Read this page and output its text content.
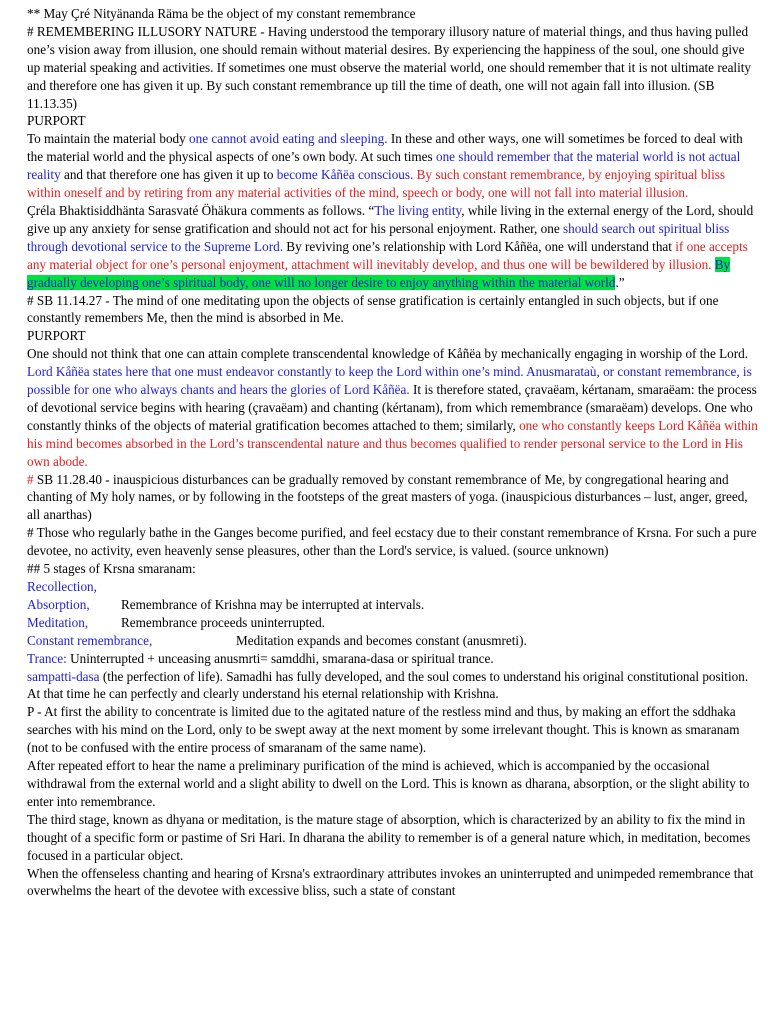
** May Çré Nityänanda Räma be the object of my constant remembrance

# REMEMBERING ILLUSORY NATURE - Having understood the temporary illusory nature of material things, and thus having pulled one’s vision away from illusion, one should remain without material desires. By experiencing the happiness of the soul, one should give up material speaking and activities. If sometimes one must observe the material world, one should remember that it is not ultimate reality and therefore one has given it up. By such constant remembrance up till the time of death, one will not again fall into illusion. (SB 11.13.35)

PURPORT

To maintain the material body one cannot avoid eating and sleeping. In these and other ways, one will sometimes be forced to deal with the material world and the physical aspects of one’s own body. At such times one should remember that the material world is not actual reality and that therefore one has given it up to become Kåñëa conscious. By such constant remembrance, by enjoying spiritual bliss within oneself and by retiring from any material activities of the mind, speech or body, one will not fall into material illusion.

Çréla Bhaktisiddhänta Sarasvaté Öhäkura comments as follows. “The living entity, while living in the external energy of the Lord, should give up any anxiety for sense gratification and should not act for his personal enjoyment. Rather, one should search out spiritual bliss through devotional service to the Supreme Lord. By reviving one’s relationship with Lord Kåñëa, one will understand that if one accepts any material object for one’s personal enjoyment, attachment will inevitably develop, and thus one will be bewildered by illusion. By gradually developing one’s spiritual body, one will no longer desire to enjoy anything within the material world.”

# SB 11.14.27 - The mind of one meditating upon the objects of sense gratification is certainly entangled in such objects, but if one constantly remembers Me, then the mind is absorbed in Me.

PURPORT

One should not think that one can attain complete transcendental knowledge of Kåñëa by mechanically engaging in worship of the Lord. Lord Kåñëa states here that one must endeavor constantly to keep the Lord within one’s mind. Anusmarataù, or constant remembrance, is possible for one who always chants and hears the glories of Lord Kåñëa. It is therefore stated, çravaëam, kértanam, smaraëam: the process of devotional service begins with hearing (çravaëam) and chanting (kértanam), from which remembrance (smaraëam) develops. One who constantly thinks of the objects of material gratification becomes attached to them; similarly, one who constantly keeps Lord Kåñëa within his mind becomes absorbed in the Lord’s transcendental nature and thus becomes qualified to render personal service to the Lord in His own abode.

# SB 11.28.40 - inauspicious disturbances can be gradually removed by constant remembrance of Me, by congregational hearing and chanting of My holy names, or by following in the footsteps of the great masters of yoga. (inauspicious disturbances – lust, anger, greed, all anarthas)

# Those who regularly bathe in the Ganges become purified, and feel ecstacy due to their constant remembrance of Krsna. For such a pure devotee, no activity, even heavenly sense pleasures, other than the Lord's service, is valued. (source unknown)

## 5 stages of Krsna smaranam:

Recollection,

Absorption,	Remembrance of Krishna may be interrupted at intervals.

Meditation,	Remembrance proceeds uninterrupted.

Constant remembrance,	Meditation expands and becomes constant (anusmreti).

Trance: Uninterrupted + unceasing anusmrti= samddhi, smarana-dasa or spiritual trance.

sampatti-dasa (the perfection of life). Samadhi has fully developed, and the soul comes to understand his original constitutional position. At that time he can perfectly and clearly understand his eternal relationship with Krishna.

P - At first the ability to concentrate is limited due to the agitated nature of the restless mind and thus, by making an effort the sddhaka searches with his mind on the Lord, only to be swept away at the next moment by some irrelevant thought. This is known as smaranam (not to be confused with the entire process of smaranam of the same name).

After repeated effort to hear the name a preliminary purification of the mind is achieved, which is accompanied by the occasional withdrawal from the external world and a slight ability to dwell on the Lord. This is known as dharana, absorption, or the slight ability to enter into remembrance.

The third stage, known as dhyana or meditation, is the mature stage of absorption, which is characterized by an ability to fix the mind in thought of a specific form or pastime of Sri Hari. In dharana the ability to remember is of a general nature which, in meditation, becomes focused in a particular object.

When the offenseless chanting and hearing of Krsna's extraordinary attributes invokes an uninterrupted and unimpeded remembrance that overwhelms the heart of the devotee with excessive bliss, such a state of constant
